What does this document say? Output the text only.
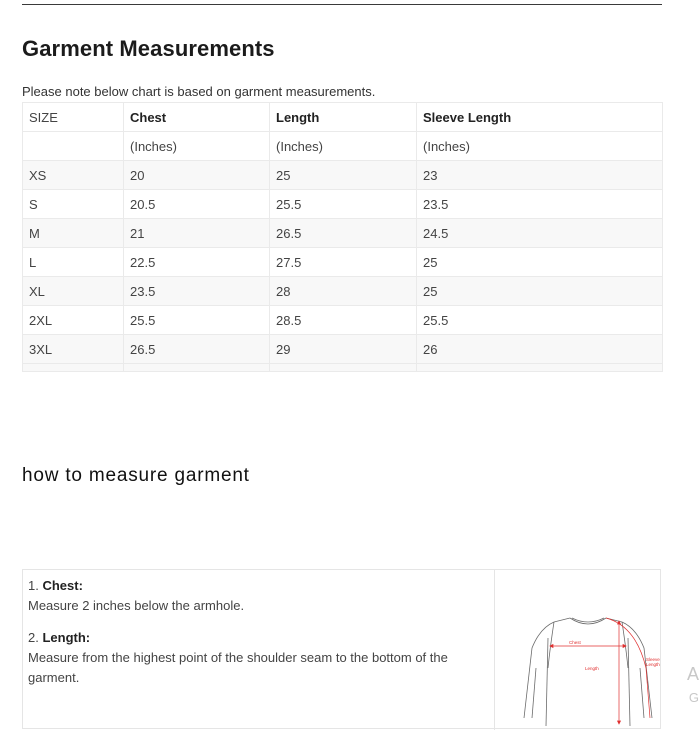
Garment Measurements
Please note below chart is based on garment measurements.
SIZE	Chest	Length	Sleeve Length
	(Inches)	(Inches)	(Inches)
XS	20	25	23
S	20.5	25.5	23.5
M	21	26.5	24.5
L	22.5	27.5	25
XL	23.5	28	25
2XL	25.5	28.5	25.5
3XL	26.5	29	26

how to measure garment

1. Chest:
Measure 2 inches below the armhole.

2. Length:
Measure from the highest point of the shoulder seam to the bottom of the garment.

Chest
Length
Sleeve
Length A
G
